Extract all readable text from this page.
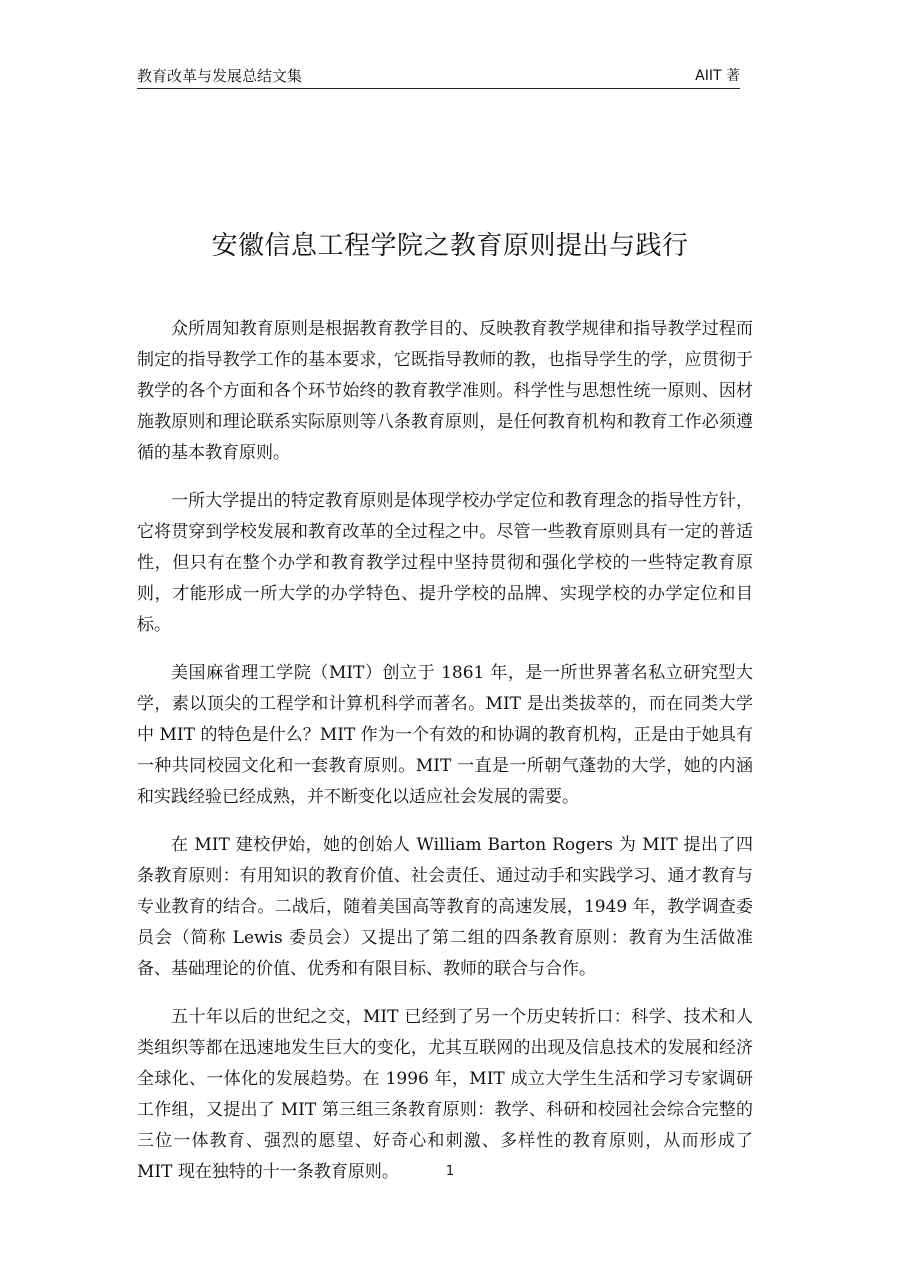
教育改革与发展总结文集	AIIT 著
安徽信息工程学院之教育原则提出与践行

众所周知教育原则是根据教育教学目的、反映教育教学规律和指导教学过程而制定的指导教学工作的基本要求，它既指导教师的教，也指导学生的学，应贯彻于教学的各个方面和各个环节始终的教育教学准则。科学性与思想性统一原则、因材施教原则和理论联系实际原则等八条教育原则，是任何教育机构和教育工作必须遵循的基本教育原则。

一所大学提出的特定教育原则是体现学校办学定位和教育理念的指导性方针，它将贯穿到学校发展和教育改革的全过程之中。尽管一些教育原则具有一定的普适性，但只有在整个办学和教育教学过程中坚持贯彻和强化学校的一些特定教育原则，才能形成一所大学的办学特色、提升学校的品牌、实现学校的办学定位和目标。

美国麻省理工学院（MIT）创立于 1861 年，是一所世界著名私立研究型大学，素以顶尖的工程学和计算机科学而著名。MIT 是出类拔萃的，而在同类大学中 MIT 的特色是什么？MIT 作为一个有效的和协调的教育机构，正是由于她具有一种共同校园文化和一套教育原则。MIT 一直是一所朝气蓬勃的大学，她的内涵和实践经验已经成熟，并不断变化以适应社会发展的需要。

在 MIT 建校伊始，她的创始人 William Barton Rogers 为 MIT 提出了四条教育原则：有用知识的教育价值、社会责任、通过动手和实践学习、通才教育与专业教育的结合。二战后，随着美国高等教育的高速发展，1949 年，教学调查委员会（简称 Lewis 委员会）又提出了第二组的四条教育原则：教育为生活做准备、基础理论的价值、优秀和有限目标、教师的联合与合作。

五十年以后的世纪之交，MIT 已经到了另一个历史转折口：科学、技术和人类组织等都在迅速地发生巨大的变化，尤其互联网的出现及信息技术的发展和经济全球化、一体化的发展趋势。在 1996 年，MIT 成立大学生生活和学习专家调研工作组，又提出了 MIT 第三组三条教育原则：教学、科研和校园社会综合完整的三位一体教育、强烈的愿望、好奇心和刺激、多样性的教育原则，从而形成了 MIT 现在独特的十一条教育原则。	1
